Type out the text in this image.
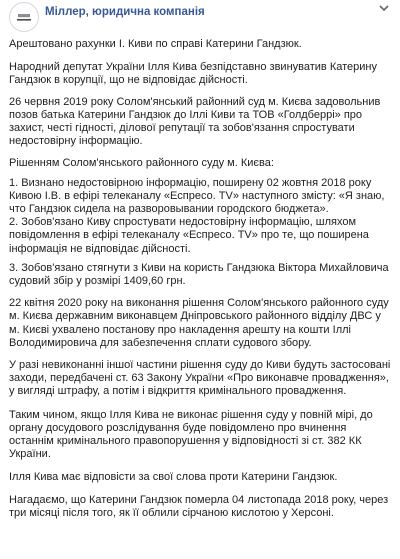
Міллер, юридична компанія

Арештовано рахунки І. Киви по справі Катерини Гандзюк.

Народний депутат України Ілля Кива безпідставно звинуватив Катерину Гандзюк в корупції, що не відповідає дійсності.

26 червня 2019 року Солом'янський районний суд м. Києва задовольнив позов батька Катерини Гандзюк до Іллі Киви та ТОВ «Голдберрі» про захист, честі гідності, ділової репутації та зобов'язання спростувати недостовірну інформацію.

Рішенням Солом'янського районного суду м. Києва:

1. Визнано недостовірною інформацію, поширену 02 жовтня 2018 року Кивою І.В. в ефірі телеканалу «Еспресо. TV» наступного змісту: «Я знаю, что Гандзюк сидела на разворовывании городского бюджета».

2. Зобов'язано Киву спростувати недостовірну інформацію, шляхом повідомлення в ефірі телеканалу «Еспресо. TV» про те, що поширена інформація не відповідає дійсності.

3. Зобов'язано стягнути з Киви на користь Гандзюка Віктора Михайловича судовий збір у розмірі 1409,60 грн.

22 квітня 2020 року на виконання рішення Солом'янського районного суду м. Києва державним виконавцем Дніпровського районного відділу ДВС у м. Києві ухвалено постанову про накладення арешту на кошти Іллі Володимировича для забезпечення сплати судового збору.

У разі невиконанні іншої частини рішення суду до Киви будуть застосовані заходи, передбачені ст. 63 Закону України «Про виконавче провадження», у вигляді штрафу, а потім і відкриття кримінального провадження.

Таким чином, якщо Ілля Кива не виконає рішення суду у повній мірі, до органу досудового розслідування буде повідомлено про вчинення останнім кримінального правопорушення у відповідності зі ст. 382 КК України.

Ілля Кива має відповісти за свої слова проти Катерини Гандзюк.

Нагадаємо, що Катерини Гандзюк померла 04 листопада 2018 року, через три місяці після того, як її облили сірчаною кислотою у Херсоні.
